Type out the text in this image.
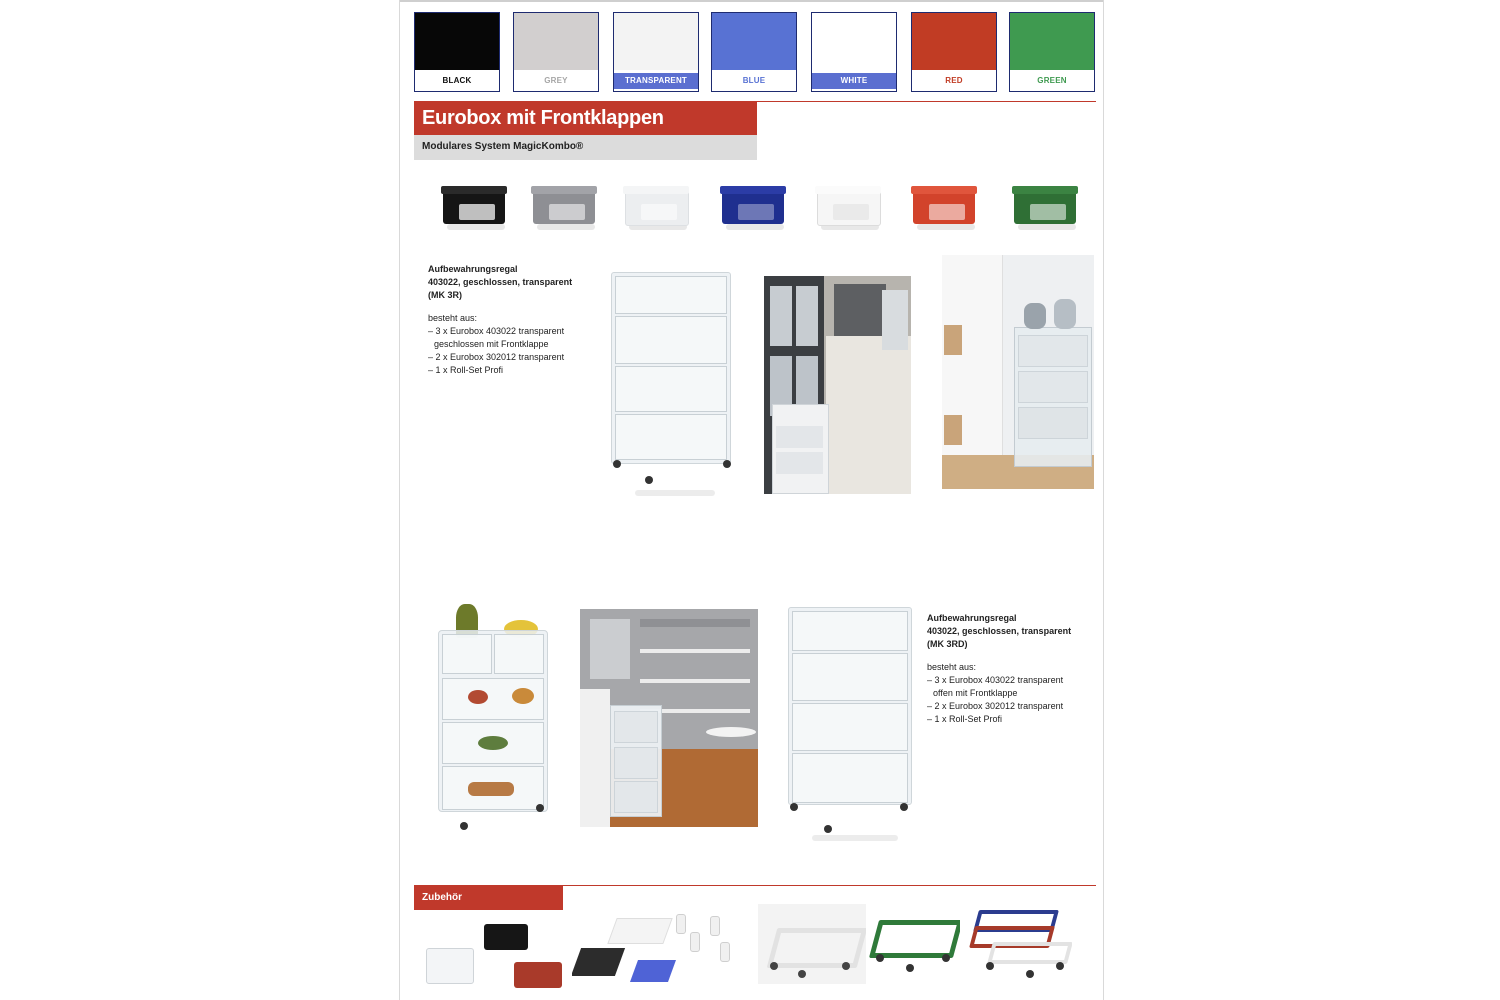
BLACK	GREY	TRANSPARENT	BLUE	WHITE	RED	GREEN
Eurobox mit Frontklappen
Modulares System MagicKombo®
Aufbewahrungsregal
403022, geschlossen, transparent
(MK 3R)
besteht aus:
– 3 x Eurobox 403022 transparent
geschlossen mit Frontklappe
– 2 x Eurobox 302012 transparent
– 1 x Roll-Set Profi
Aufbewahrungsregal
403022, geschlossen, transparent
(MK 3RD)
besteht aus:
– 3 x Eurobox 403022 transparent
offen mit Frontklappe
– 2 x Eurobox 302012 transparent
– 1 x Roll-Set Profi
Zubehör
